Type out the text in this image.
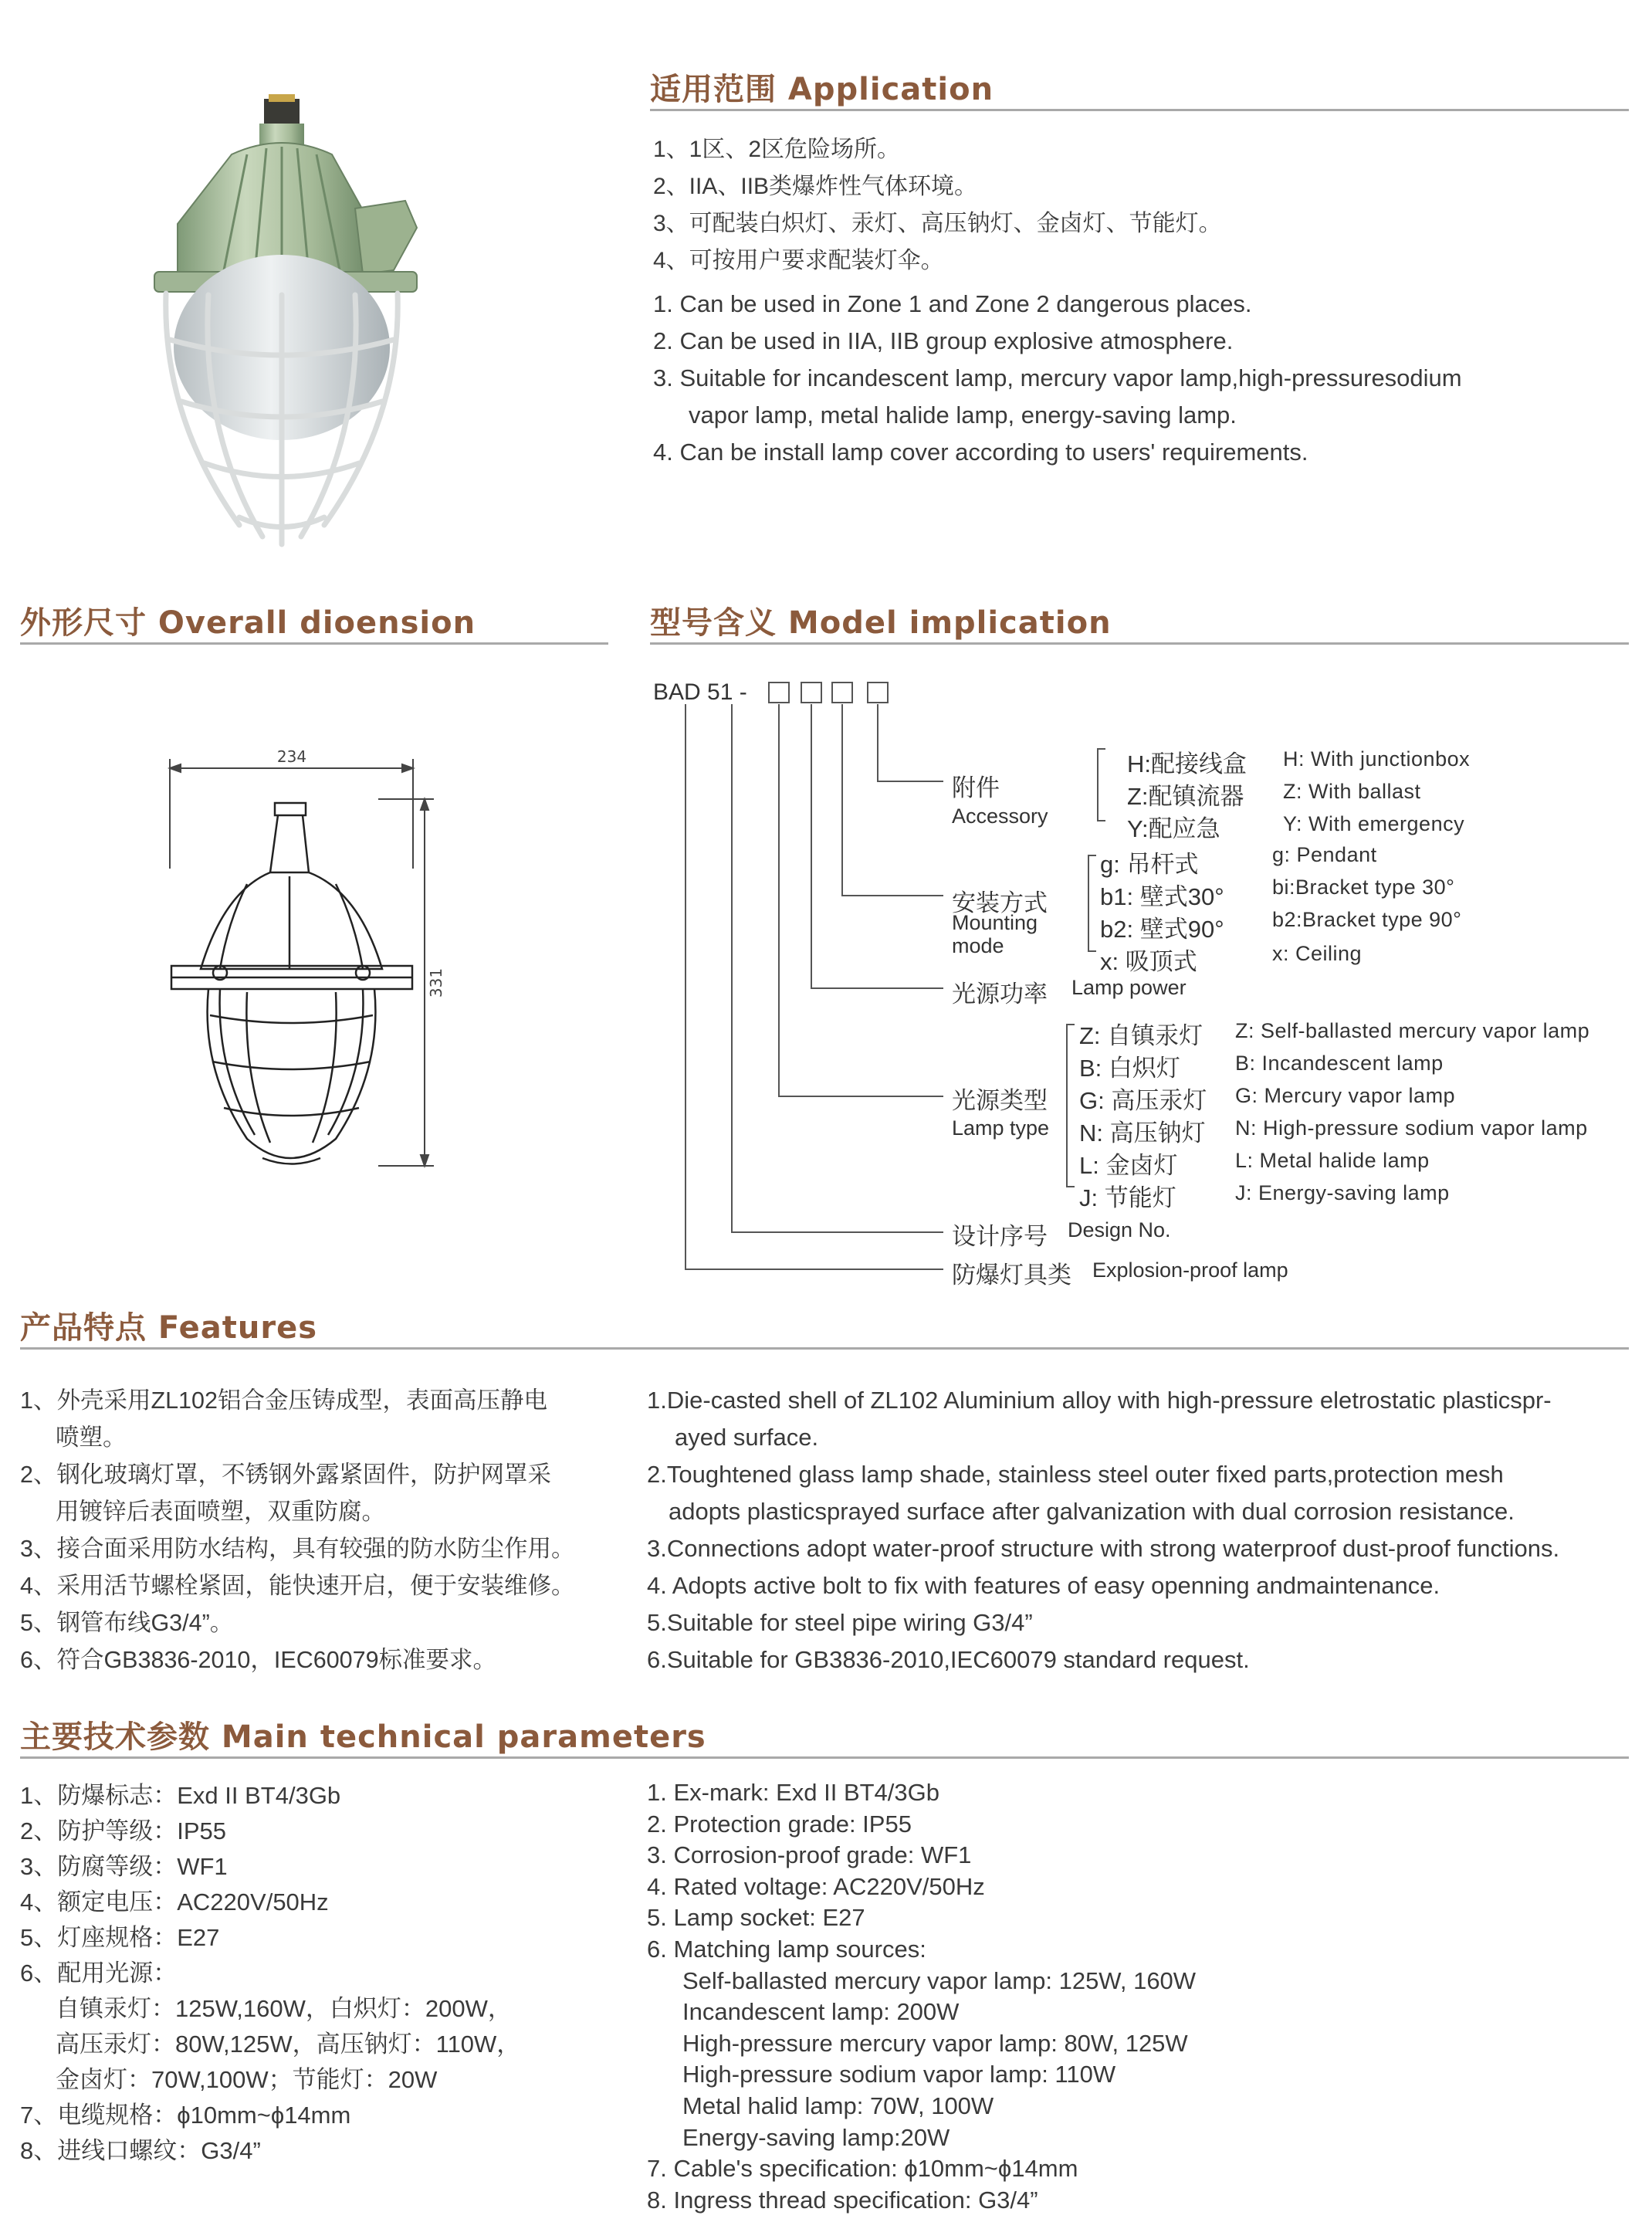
适用范围 Application
1、1区、2区危险场所。
2、IIA、IIB类爆炸性气体环境。
3、可配装白炽灯、汞灯、高压钠灯、金卤灯、节能灯。
4、可按用户要求配装灯伞。
1. Can be used in Zone 1 and Zone 2 dangerous places.
2. Can be used in IIA, IIB group explosive atmosphere.
3. Suitable for incandescent lamp, mercury vapor lamp,high-pressuresodium
vapor lamp, metal halide lamp, energy-saving lamp.
4. Can be install lamp cover according to users' requirements.
外形尺寸 Overall dioension
234
331
型号含义 Model implication
BAD 51 -
附件
Accessory
H:配接线盒
Z:配镇流器
Y:配应急
H: With junctionbox
Z: With ballast
Y: With emergency
安装方式
Mounting
mode
g: 吊杆式
b1: 壁式30°
b2: 壁式90°
x: 吸顶式
g: Pendant
bi:Bracket type 30°
b2:Bracket type 90°
x: Ceiling
光源功率 Lamp power
光源类型
Lamp type
Z: 自镇汞灯
B: 白炽灯
G: 高压汞灯
N: 高压钠灯
L: 金卤灯
J: 节能灯
Z: Self-ballasted mercury vapor lamp
B: Incandescent lamp
G: Mercury vapor lamp
N: High-pressure sodium vapor lamp
L: Metal halide lamp
J: Energy-saving lamp
设计序号 Design No.
防爆灯具类 Explosion-proof lamp
产品特点 Features
1、外壳采用ZL102铝合金压铸成型，表面高压静电
喷塑。
2、钢化玻璃灯罩，不锈钢外露紧固件，防护网罩采
用镀锌后表面喷塑，双重防腐。
3、接合面采用防水结构，具有较强的防水防尘作用。
4、采用活节螺栓紧固，能快速开启，便于安装维修。
5、钢管布线G3/4”。
6、符合GB3836-2010，IEC60079标准要求。
1.Die-casted shell of ZL102 Aluminium alloy with high-pressure eletrostatic plasticspr-
ayed surface.
2.Toughtened glass lamp shade, stainless steel outer fixed parts,protection mesh
adopts plasticsprayed surface after galvanization with dual corrosion resistance.
3.Connections adopt water-proof structure with strong waterproof dust-proof functions.
4. Adopts active bolt to fix with features of easy openning andmaintenance.
5.Suitable for steel pipe wiring G3/4”
6.Suitable for GB3836-2010,IEC60079 standard request.
主要技术参数 Main technical parameters
1、防爆标志：Exd II BT4/3Gb
2、防护等级：IP55
3、防腐等级：WF1
4、额定电压：AC220V/50Hz
5、灯座规格：E27
6、配用光源：
自镇汞灯：125W,160W，白炽灯：200W，
高压汞灯：80W,125W，高压钠灯：110W，
金卤灯：70W,100W；节能灯：20W
7、电缆规格：ϕ10mm~ϕ14mm
8、进线口螺纹：G3/4”
1. Ex-mark: Exd II BT4/3Gb
2. Protection grade: IP55
3. Corrosion-proof grade: WF1
4. Rated voltage: AC220V/50Hz
5. Lamp socket: E27
6. Matching lamp sources:
Self-ballasted mercury vapor lamp: 125W, 160W
Incandescent lamp: 200W
High-pressure mercury vapor lamp: 80W, 125W
High-pressure sodium vapor lamp: 110W
Metal halid lamp: 70W, 100W
Energy-saving lamp:20W
7. Cable's specification: ϕ10mm~ϕ14mm
8. Ingress thread specification: G3/4”
